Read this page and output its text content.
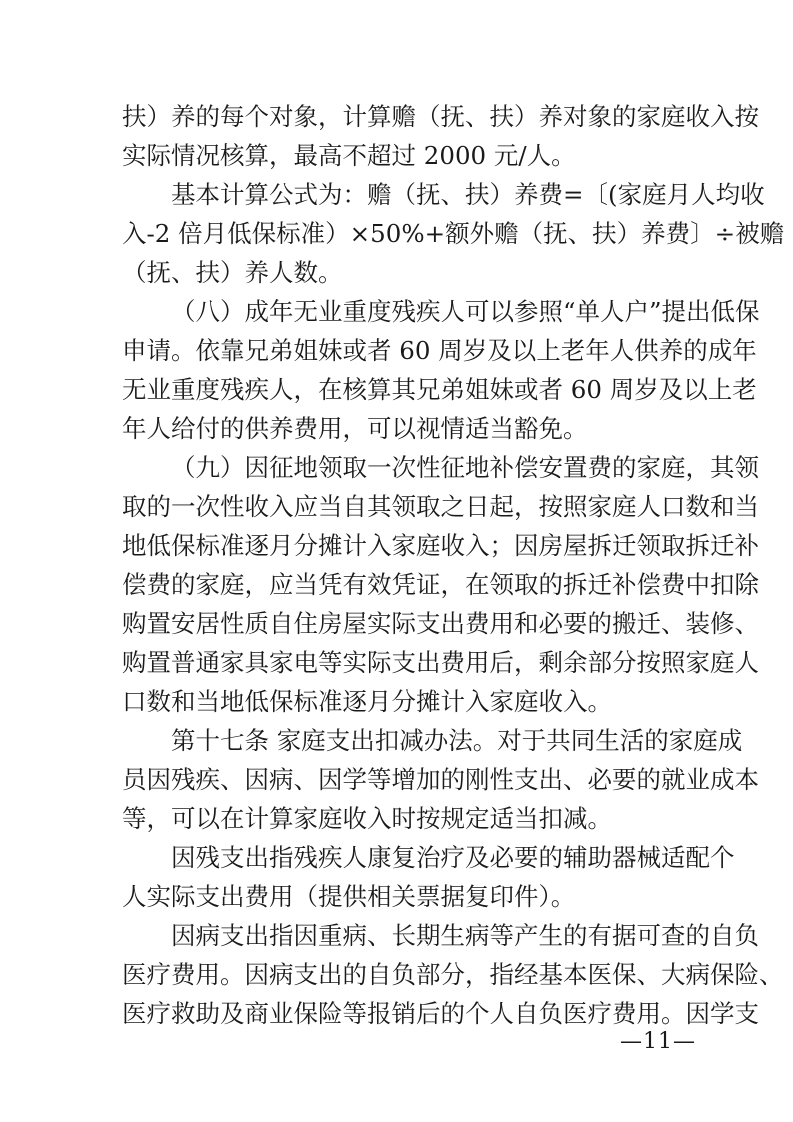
扶）养的每个对象，计算赡（抚、扶）养对象的家庭收入按
实际情况核算，最高不超过 2000 元/人。
基本计算公式为：赡（抚、扶）养费=〔(家庭月人均收
入-2 倍月低保标准）×50%+额外赡（抚、扶）养费〕÷被赡
（抚、扶）养人数。
（八）成年无业重度残疾人可以参照“单人户”提出低保
申请。依靠兄弟姐妹或者 60 周岁及以上老年人供养的成年
无业重度残疾人，在核算其兄弟姐妹或者 60 周岁及以上老
年人给付的供养费用，可以视情适当豁免。
（九）因征地领取一次性征地补偿安置费的家庭，其领
取的一次性收入应当自其领取之日起，按照家庭人口数和当
地低保标准逐月分摊计入家庭收入；因房屋拆迁领取拆迁补
偿费的家庭，应当凭有效凭证，在领取的拆迁补偿费中扣除
购置安居性质自住房屋实际支出费用和必要的搬迁、装修、
购置普通家具家电等实际支出费用后，剩余部分按照家庭人
口数和当地低保标准逐月分摊计入家庭收入。
第十七条 家庭支出扣减办法。对于共同生活的家庭成
员因残疾、因病、因学等增加的刚性支出、必要的就业成本
等，可以在计算家庭收入时按规定适当扣减。
因残支出指残疾人康复治疗及必要的辅助器械适配个
人实际支出费用（提供相关票据复印件）。
因病支出指因重病、长期生病等产生的有据可查的自负
医疗费用。因病支出的自负部分，指经基本医保、大病保险、
医疗救助及商业保险等报销后的个人自负医疗费用。因学支
—11—
